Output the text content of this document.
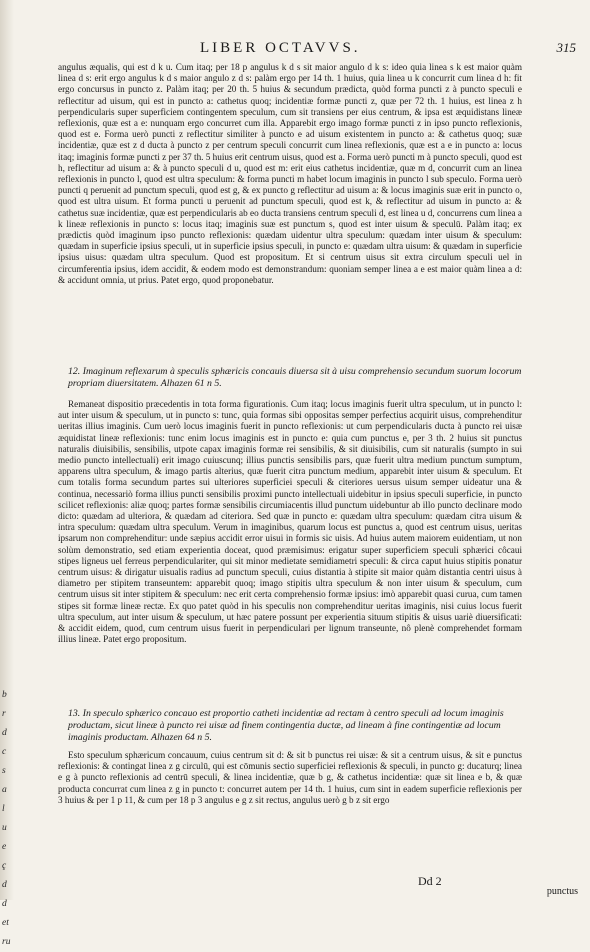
b
r
d
c
s
a
l
u
e
ç
d
d
et
ru
LIBER OCTAVVS.	315
angulus æqualis, qui est d k u. Cum itaq; per 18 p angulus k d s sit maior angulo d k s: ideo quia linea s k est maior quàm linea d s: erit ergo angulus k d s maior angulo z d s: palàm ergo per 14 th. 1 huius, quia linea u k concurrit cum linea d h: fit ergo concursus in puncto z. Palàm itaq; per 20 th. 5 huius & secundum prædicta, quòd forma puncti z à puncto speculi e reflectitur ad uisum, qui est in puncto a: cathetus quoq; incidentiæ formæ puncti z, quæ per 72 th. 1 huius, est linea z h perpendicularis super superficiem contingentem speculum, cum sit transiens per eius centrum, & ipsa est æquidistans lineæ reflexionis, quæ est a e: nunquam ergo concurret cum illa. Apparebit ergo imago formæ puncti z in ipso puncto reflexionis, quod est e. Forma uerò puncti z reflectitur similiter à puncto e ad uisum existentem in puncto a: & cathetus quoq; suæ incidentiæ, quæ est z d ducta à puncto z per centrum speculi concurrit cum linea reflexionis, quæ est a e in puncto a: locus itaq; imaginis formæ puncti z per 37 th. 5 huius erit centrum uisus, quod est a. Forma uerò puncti m à puncto speculi, quod est h, reflectitur ad uisum a: & à puncto speculi d u, quod est m: erit eius cathetus incidentiæ, quæ m d, concurrit cum an linea reflexionis in puncto l, quod est ultra speculum: & forma puncti m habet locum imaginis in puncto l sub speculo. Forma uerò puncti q peruenit ad punctum speculi, quod est g, & ex puncto g reflectitur ad uisum a: & locus imaginis suæ erit in puncto o, quod est ultra uisum. Et forma puncti u peruenit ad punctum speculi, quod est k, & reflectitur ad uisum in puncto a: & cathetus suæ incidentiæ, quæ est perpendicularis ab eo ducta transiens centrum speculi d, est linea u d, concurrens cum linea a k lineæ reflexionis in puncto s: locus itaq; imaginis suæ est punctum s, quod est inter uisum & speculū. Palàm itaq; ex prædictis quòd imaginum ipso puncto reflexionis: quædam uidentur ultra speculum: quædam inter uisum & speculum: quædam in superficie ipsius speculi, ut in superficie ipsius speculi, in puncto e: quædam ultra uisum: & quædam in superficie ipsius uisus: quædam ultra speculum. Quod est propositum. Et si centrum uisus sit extra circulum speculi uel in circumferentia ipsius, idem accidit, & eodem modo est demonstrandum: quoniam semper linea a e est maior quàm linea a d: & accidunt omnia, ut prius. Patet ergo, quod proponebatur.
12. Imaginum reflexarum à speculis sphæricis concauis diuersa sit à uisu comprehensio secundum suorum locorum propriam diuersitatem. Alhazen 61 n 5.
Remaneat dispositio præcedentis in tota forma figurationis. Cum itaq; locus imaginis fuerit ultra speculum, ut in puncto l: aut inter uisum & speculum, ut in puncto s: tunc, quia formas sibi oppositas semper perfectius acquirit uisus, comprehenditur ueritas illius imaginis. Cum uerò locus imaginis fuerit in puncto reflexionis: ut cum perpendicularis ducta à puncto rei uisæ æquidistat lineæ reflexionis: tunc enim locus imaginis est in puncto e: quia cum punctus e, per 3 th. 2 huius sit punctus naturalis diuisibilis, sensibilis, utpote capax imaginis formæ rei sensibilis, & sit diuisibilis, cum sit naturalis (sumpto in sui medio puncto intellectuali) erit imago cuiuscunq; illius punctis sensibilis pars, quæ fuerit ultra medium punctum sumptum, apparens ultra speculum, & imago partis alterius, quæ fuerit citra punctum medium, apparebit inter uisum & speculum. Et cum totalis forma secundum partes sui ulteriores superficiei speculi & citeriores uersus uisum semper uideatur una & continua, necessariò forma illius puncti sensibilis proximi puncto intellectuali uidebitur in ipsius speculi superficie, in puncto scilicet reflexionis: aliæ quoq; partes formæ sensibilis circumiacentis illud punctum uidebuntur ab illo puncto declinare modo dicto: quædam ad ulteriora, & quædam ad citeriora. Sed quæ in puncto e: quædam ultra speculum: quædam citra uisum & intra speculum: quædam ultra speculum. Verum in imaginibus, quarum locus est punctus a, quod est centrum uisus, ueritas ipsarum non comprehenditur: unde sæpius accidit error uisui in formis sic uisis. Ad huius autem maiorem euidentiam, ut non solùm demonstratio, sed etiam experientia doceat, quod præmisimus: erigatur super superficiem speculi sphærici côcaui stipes ligneus uel ferreus perpendiculariter, qui sit minor medietate semidiametri speculi: & circa caput huius stipitis ponatur centrum uisus: & dirigatur uisualis radius ad punctum speculi, cuius distantia à stipite sit maior quàm distantia centri uisus à diametro per stipitem transeuntem: apparebit quoq; imago stipitis ultra speculum & non inter uisum & speculum, cum centrum uisus sit inter stipitem & speculum: nec erit certa comprehensio formæ ipsius: imò apparebit quasi curua, cum tamen stipes sit formæ lineæ rectæ. Ex quo patet quòd in his speculis non comprehenditur ueritas imaginis, nisi cuius locus fuerit ultra speculum, aut inter uisum & speculum, ut hæc patere possunt per experientia situum stipitis & uisus uariè diuersificati: & accidit eidem, quod, cum centrum uisus fuerit in perpendiculari per lignum transeunte, nô plenè comprehendet formam illius lineæ. Patet ergo propositum.
13. In speculo sphærico concauo est proportio catheti incidentiæ ad rectam à centro speculi ad locum imaginis productam, sicut lineæ à puncto rei uisæ ad finem contingentia ductæ, ad lineam à fine contingentiæ ad locum imaginis productam. Alhazen 64 n 5.
Esto speculum sphæricum concauum, cuius centrum sit d: & sit b punctus rei uisæ: & sit a centrum uisus, & sit e punctus reflexionis: & contingat linea z g circulū, qui est cōmunis sectio superficiei reflexionis & speculi, in puncto g: ducaturq; linea e g à puncto reflexionis ad centrū speculi, & linea incidentiæ, quæ b g, & cathetus incidentiæ: quæ sit linea e b, & quæ producta concurrat cum linea z g in puncto t: concurret autem per 14 th. 1 huius, cum sint in eadem superficie reflexionis per 3 huius & per 1 p 11, & cum per 18 p 3 angulus e g z sit rectus, angulus uerò g b z sit ergo
Dd 2
punctus
